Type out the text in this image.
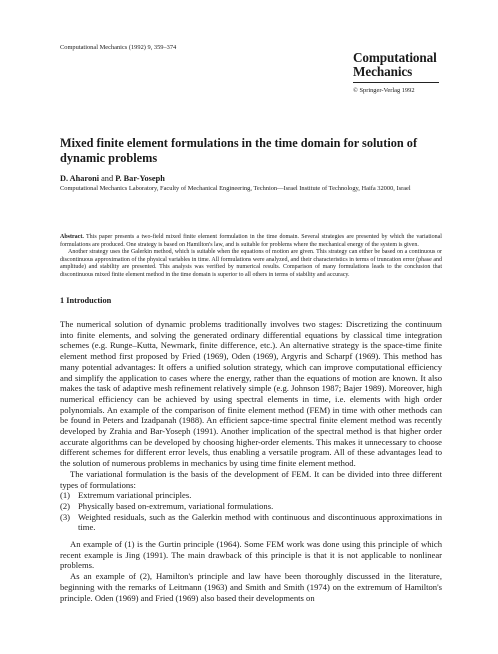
Computational Mechanics (1992) 9, 359–374
Computational
Mechanics
© Springer-Verlag 1992
Mixed finite element formulations in the time domain for solution of dynamic problems
D. Aharoni and P. Bar-Yoseph
Computational Mechanics Laboratory, Faculty of Mechanical Engineering, Technion—Israel Institute of Technology, Haifa 32000, Israel

Abstract. This paper presents a two-field mixed finite element formulation in the time domain. Several strategies are presented by which the variational formulations are produced. One strategy is based on Hamilton's law, and is suitable for problems where the mechanical energy of the system is given.

Another strategy uses the Galerkin method, which is suitable when the equations of motion are given. This strategy can either be based on a continuous or discontinuous approximation of the physical variables in time. All formulations were analyzed, and their characteristics in terms of truncation error (phase and amplitude) and stability are presented. This analysis was verified by numerical results. Comparison of many formulations leads to the conclusion that discontinuous mixed finite element method in the time domain is superior to all others in terms of stability and accuracy.

1 Introduction

The numerical solution of dynamic problems traditionally involves two stages: Discretizing the continuum into finite elements, and solving the generated ordinary differential equations by classical time integration schemes (e.g. Runge–Kutta, Newmark, finite difference, etc.). An alternative strategy is the space-time finite element method first proposed by Fried (1969), Oden (1969), Argyris and Scharpf (1969). This method has many potential advantages: It offers a unified solution strategy, which can improve computational efficiency and simplify the application to cases where the energy, rather than the equations of motion are known. It also makes the task of adaptive mesh refinement relatively simple (e.g. Johnson 1987; Bajer 1989). Moreover, high numerical efficiency can be achieved by using spectral elements in time, i.e. elements with high order polynomials. An example of the comparison of finite element method (FEM) in time with other methods can be found in Peters and Izadpanah (1988). An efficient sapce-time spectral finite element method was recently developed by Zrahia and Bar-Yoseph (1991). Another implication of the spectral method is that higher order accurate algorithms can be developed by choosing higher-order elements. This makes it unnecessary to choose different schemes for different error levels, thus enabling a versatile program. All of these advantages lead to the solution of numerous problems in mechanics by using time finite element method.

The variational formulation is the basis of the development of FEM. It can be divided into three different types of formulations:

(1) Extremum variational principles.
(2) Physically based on-extremum, variational formulations.
(3) Weighted residuals, such as the Galerkin method with continuous and discontinuous approximations in time.

An example of (1) is the Gurtin principle (1964). Some FEM work was done using this principle of which recent example is Jing (1991). The main drawback of this principle is that it is not applicable to nonlinear problems.

As an example of (2), Hamilton's principle and law have been thoroughly discussed in the literature, beginning with the remarks of Leitmann (1963) and Smith and Smith (1974) on the extremum of Hamilton's principle. Oden (1969) and Fried (1969) also based their developments on
